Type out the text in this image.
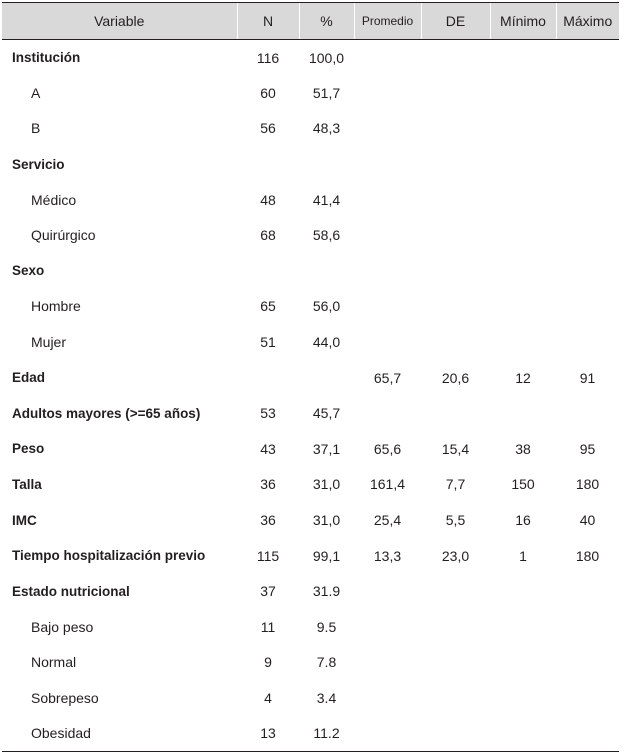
Variable	N	%	Promedio	DE	Mínimo	Máximo
Institución	116	100,0				
A	60	51,7				
B	56	48,3				
Servicio						
Médico	48	41,4				
Quirúrgico	68	58,6				
Sexo						
Hombre	65	56,0				
Mujer	51	44,0				
Edad			65,7	20,6	12	91
Adultos mayores (>=65 años)	53	45,7				
Peso	43	37,1	65,6	15,4	38	95
Talla	36	31,0	161,4	7,7	150	180
IMC	36	31,0	25,4	5,5	16	40
Tiempo hospitalización previo	115	99,1	13,3	23,0	1	180
Estado nutricional	37	31.9				
Bajo peso	11	9.5				
Normal	9	7.8				
Sobrepeso	4	3.4				
Obesidad	13	11.2				
